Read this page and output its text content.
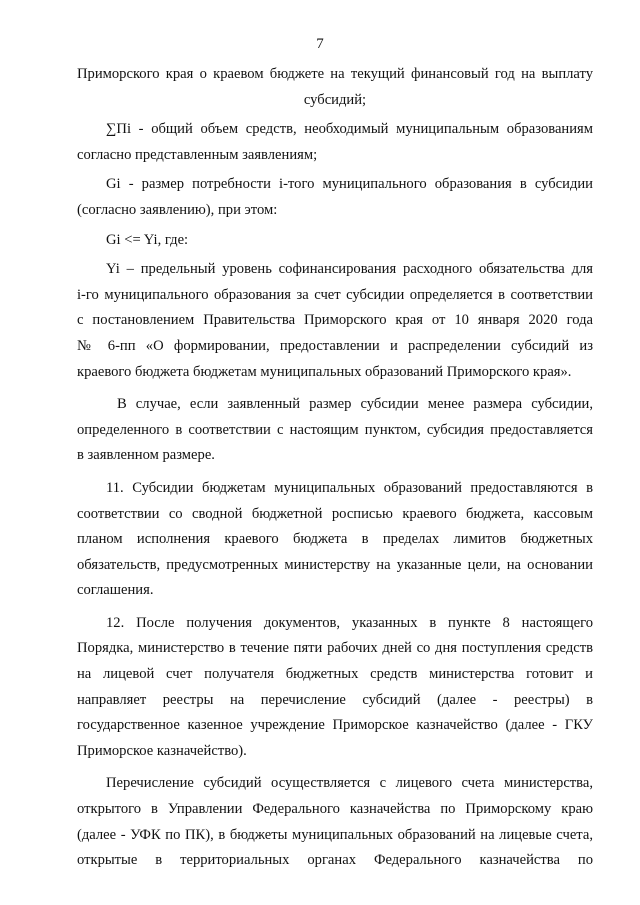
7

Приморского края о краевом бюджете на текущий финансовый год на выплату
субсидий;

∑Пi - общий объем средств, необходимый муниципальным образованиям
согласно представленным заявлениям;

Gi - размер потребности i-того муниципального образования в субсидии
(согласно заявлению), при этом:

Gi <= Yi, где:

Yi – предельный уровень софинансирования расходного обязательства для
i-го муниципального образования за счет субсидии определяется в соответствии
с постановлением Правительства Приморского края от 10 января 2020 года
№ 6-пп «О формировании, предоставлении и распределении субсидий из
краевого бюджета бюджетам муниципальных образований Приморского края».

В случае, если заявленный размер субсидии менее размера субсидии,
определенного в соответствии с настоящим пунктом, субсидия предоставляется
в заявленном размере.

11. Субсидии бюджетам муниципальных образований предоставляются в
соответствии со сводной бюджетной росписью краевого бюджета, кассовым
планом исполнения краевого бюджета в пределах лимитов бюджетных
обязательств, предусмотренных министерству на указанные цели, на основании
соглашения.

12. После получения документов, указанных в пункте 8 настоящего
Порядка, министерство в течение пяти рабочих дней со дня поступления средств
на лицевой счет получателя бюджетных средств министерства готовит и
направляет реестры на перечисление субсидий (далее - реестры) в
государственное казенное учреждение Приморское казначейство (далее - ГКУ
Приморское казначейство).

Перечисление субсидий осуществляется с лицевого счета министерства,
открытого в Управлении Федерального казначейства по Приморскому краю
(далее - УФК по ПК), в бюджеты муниципальных образований на лицевые счета,
открытые в территориальных органах Федерального казначейства по
